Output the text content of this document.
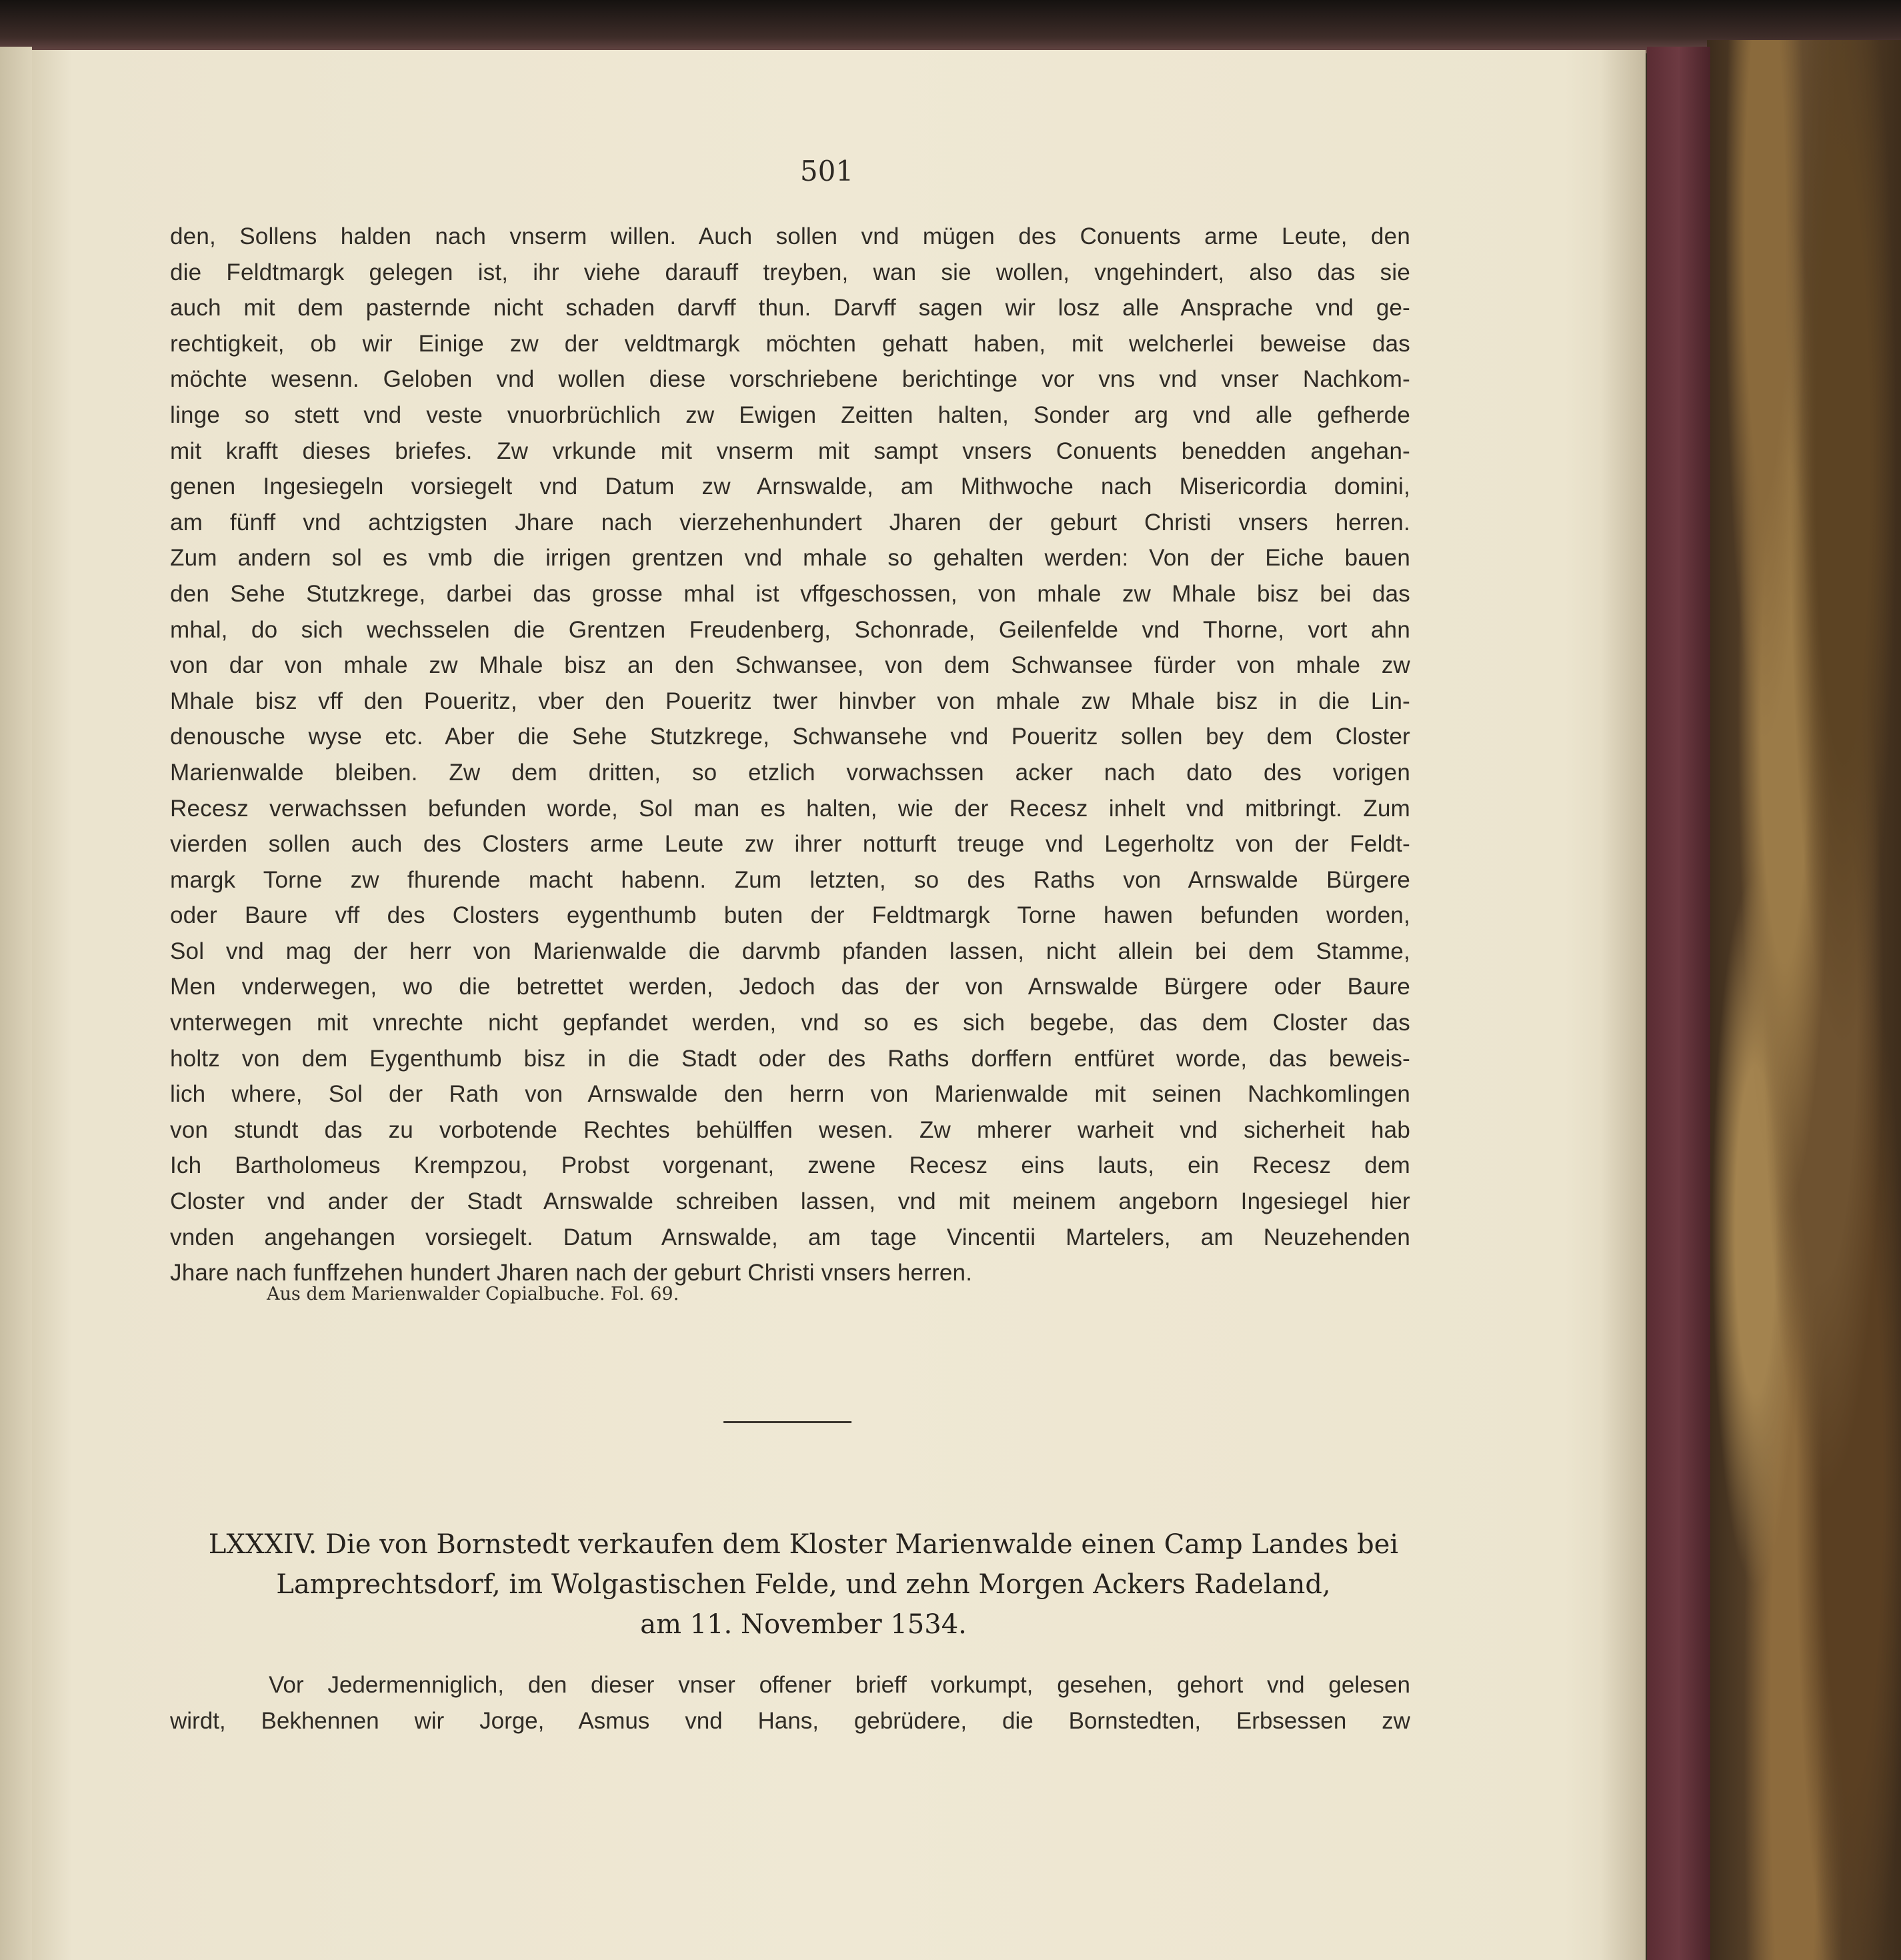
501
den, Sollens halden nach vnserm willen. Auch sollen vnd mügen des Conuents arme Leute, den
die Feldtmargk gelegen ist, ihr viehe darauff treyben, wan sie wollen, vngehindert, also das sie
auch mit dem pasternde nicht schaden darvff thun. Darvff sagen wir losz alle Ansprache vnd ge-
rechtigkeit, ob wir Einige zw der veldtmargk möchten gehatt haben, mit welcherlei beweise das
möchte wesenn. Geloben vnd wollen diese vorschriebene berichtinge vor vns vnd vnser Nachkom-
linge so stett vnd veste vnuorbrüchlich zw Ewigen Zeitten halten, Sonder arg vnd alle gefherde
mit krafft dieses briefes. Zw vrkunde mit vnserm mit sampt vnsers Conuents benedden angehan-
genen Ingesiegeln vorsiegelt vnd Datum zw Arnswalde, am Mithwoche nach Misericordia domini,
am fünff vnd achtzigsten Jhare nach vierzehenhundert Jharen der geburt Christi vnsers herren.
Zum andern sol es vmb die irrigen grentzen vnd mhale so gehalten werden: Von der Eiche bauen
den Sehe Stutzkrege, darbei das grosse mhal ist vffgeschossen, von mhale zw Mhale bisz bei das
mhal, do sich wechsselen die Grentzen Freudenberg, Schonrade, Geilenfelde vnd Thorne, vort ahn
von dar von mhale zw Mhale bisz an den Schwansee, von dem Schwansee fürder von mhale zw
Mhale bisz vff den Poueritz, vber den Poueritz twer hinvber von mhale zw Mhale bisz in die Lin-
denousche wyse etc. Aber die Sehe Stutzkrege, Schwansehe vnd Poueritz sollen bey dem Closter
Marienwalde bleiben. Zw dem dritten, so etzlich vorwachssen acker nach dato des vorigen
Recesz verwachssen befunden worde, Sol man es halten, wie der Recesz inhelt vnd mitbringt. Zum
vierden sollen auch des Closters arme Leute zw ihrer notturft treuge vnd Legerholtz von der Feldt-
margk Torne zw fhurende macht habenn. Zum letzten, so des Raths von Arnswalde Bürgere
oder Baure vff des Closters eygenthumb buten der Feldtmargk Torne hawen befunden worden,
Sol vnd mag der herr von Marienwalde die darvmb pfanden lassen, nicht allein bei dem Stamme,
Men vnderwegen, wo die betrettet werden, Jedoch das der von Arnswalde Bürgere oder Baure
vnterwegen mit vnrechte nicht gepfandet werden, vnd so es sich begebe, das dem Closter das
holtz von dem Eygenthumb bisz in die Stadt oder des Raths dorffern entfüret worde, das beweis-
lich where, Sol der Rath von Arnswalde den herrn von Marienwalde mit seinen Nachkomlingen
von stundt das zu vorbotende Rechtes behülffen wesen. Zw mherer warheit vnd sicherheit hab
Ich Bartholomeus Krempzou, Probst vorgenant, zwene Recesz eins lauts, ein Recesz dem
Closter vnd ander der Stadt Arnswalde schreiben lassen, vnd mit meinem angeborn Ingesiegel hier
vnden angehangen vorsiegelt. Datum Arnswalde, am tage Vincentii Martelers, am Neuzehenden
Jhare nach funffzehen hundert Jharen nach der geburt Christi vnsers herren.
Aus dem Marienwalder Copialbuche. Fol. 69.
LXXXIV. Die von Bornstedt verkaufen dem Kloster Marienwalde einen Camp Landes bei
Lamprechtsdorf, im Wolgastischen Felde, und zehn Morgen Ackers Radeland,
am 11. November 1534.
Vor Jedermenniglich, den dieser vnser offener brieff vorkumpt, gesehen, gehort vnd gelesen
wirdt, Bekhennen wir Jorge, Asmus vnd Hans, gebrüdere, die Bornstedten, Erbsessen zw
